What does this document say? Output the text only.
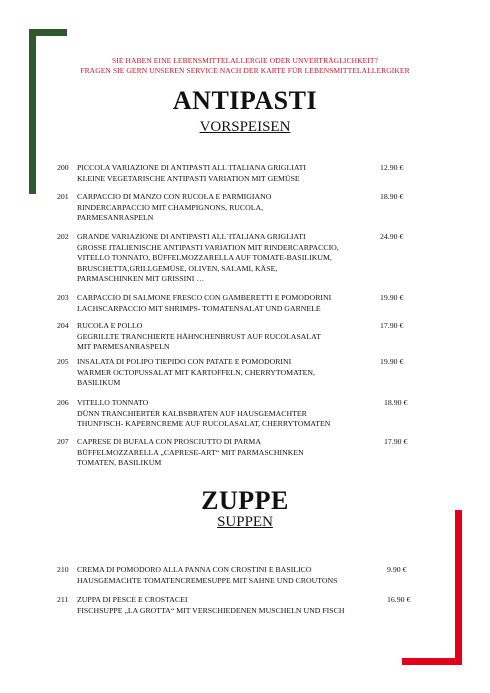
SIE HABEN EINE LEBENSMITTELALLERGIE ODER UNVERTRÄGLICHKEIT?
FRAGEN SIE GERN UNSEREN SERVICE NACH DER KARTE FÜR LEBENSMITTELALLERGIKER
ANTIPASTI
VORSPEISEN
200	PICCOLA VARIAZIONE DI ANTIPASTI ALL´ITALIANA GRIGLIATI	12.90 €
KLEINE VEGETARISCHE ANTIPASTI VARIATION MIT GEMÜSE
201	CARPACCIO DI MANZO CON RUCOLA E PARMIGIANO	18.90 €
RINDERCARPACCIO MIT CHAMPIGNONS, RUCOLA,
PARMESANRASPELN
202	GRANDE VARIAZIONE DI ANTIPASTI ALL´ITALIANA GRIGLIATI	24.90 €
GROSSE ITALIENISCHE ANTIPASTI VARIATION MIT RINDERCARPACCIO,
VITELLO TONNATO, BÜFFELMOZZARELLA AUF TOMATE-BASILIKUM,
BRUSCHETTA,GRILLGEMÜSE, OLIVEN, SALAMI, KÄSE,
PARMASCHINKEN MIT GRISSINI …
203	CARPACCIO DI SALMONE FRESCO CON GAMBERETTI E POMODORINI	19.90 €
LACHSCARPACCIO MIT SHRIMPS- TOMATENSALAT UND GARNELE
204	RUCOLA E POLLO	17.90 €
GEGRILLTE TRANCHIERTE HÄHNCHENBRUST AUF RUCOLASALAT
MIT PARMESANRASPELN
205	INSALATA DI POLIPO TIEPIDO CON PATATE E POMODORINI	19.90 €
WARMER OCTOPUSSALAT MIT KARTOFFELN, CHERRYTOMATEN,
BASILIKUM
206	VITELLO TONNATO	18.90 €
DÜNN TRANCHIERTER KALBSBRATEN AUF HAUSGEMACHTER
THUNFISCH- KAPERNCREME AUF RUCOLASALAT, CHERRYTOMATEN
207	CAPRESE DI BUFALA CON PROSCIUTTO DI PARMA	17.90 €
BÜFFELMOZZARELLA „CAPRESE-ART“ MIT PARMASCHINKEN
TOMATEN, BASILIKUM
ZUPPE
SUPPEN
210	CREMA DI POMODORO ALLA PANNA CON CROSTINI E BASILICO	9.90 €
HAUSGEMACHTE TOMATENCREMESUPPE MIT SAHNE UND CROUTONS
211	ZUPPA DI PESCE E CROSTACEI	16.90 €
FISCHSUPPE „LA GROTTA“ MIT VERSCHIEDENEN MUSCHELN UND FISCH
